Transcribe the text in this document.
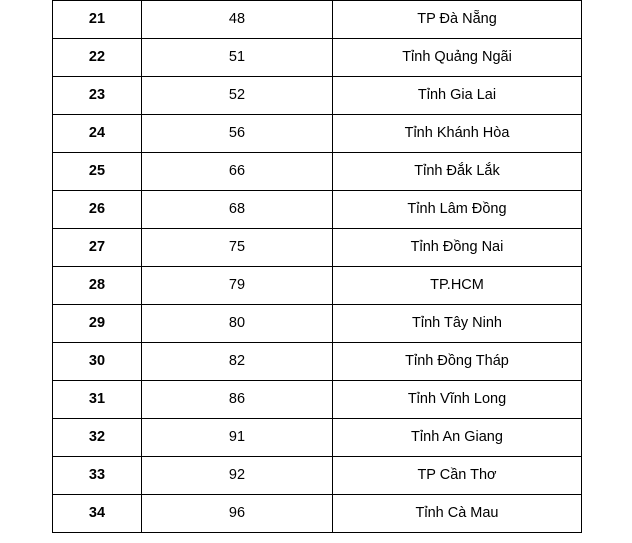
21	48	TP Đà Nẵng
22	51	Tỉnh Quảng Ngãi
23	52	Tỉnh Gia Lai
24	56	Tỉnh Khánh Hòa
25	66	Tỉnh Đắk Lắk
26	68	Tỉnh Lâm Đồng
27	75	Tỉnh Đồng Nai
28	79	TP.HCM
29	80	Tỉnh Tây Ninh
30	82	Tỉnh Đồng Tháp
31	86	Tỉnh Vĩnh Long
32	91	Tỉnh An Giang
33	92	TP Cần Thơ
34	96	Tỉnh Cà Mau
